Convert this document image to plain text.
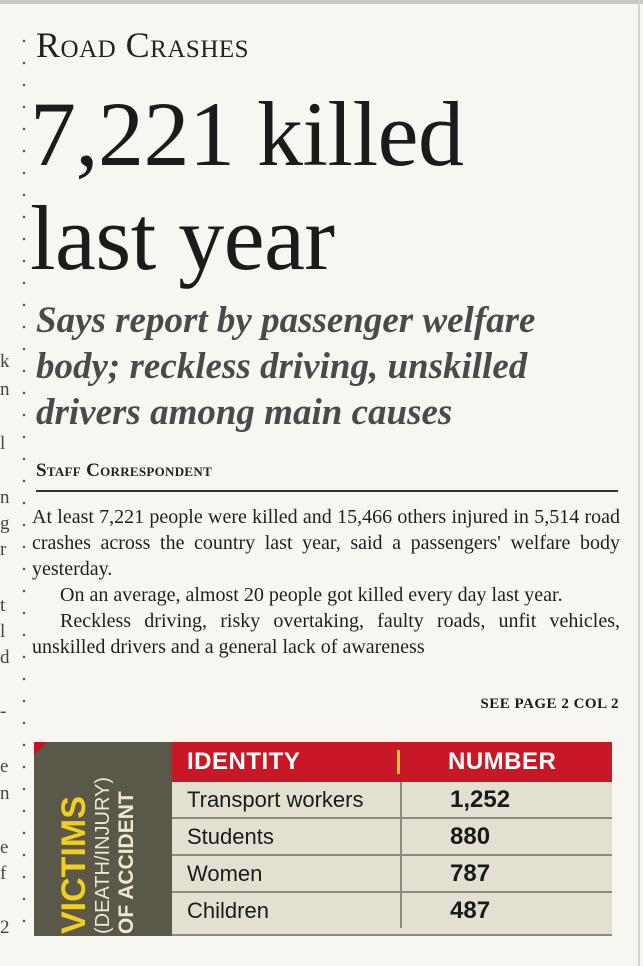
k
n
l
n
g
r
t
l
d
-
e
n
e
f
2
Road Crashes
7,221 killed
last year
Says report by passenger welfare body; reckless driving, unskilled drivers among main causes
Staff Correspondent

At least 7,221 people were killed and 15,466 others injured in 5,514 road crashes across the country last year, said a passengers' welfare body yesterday.

On an average, almost 20 people got killed every day last year.

Reckless driving, risky overtaking, faulty roads, unfit vehicles, unskilled drivers and a general lack of awareness

SEE PAGE 2 COL 2
VICTIMS (DEATH/INJURY) OF ACCIDENT
IDENTITY	NUMBER
Transport workers	1,252
Students	880
Women	787
Children	487
